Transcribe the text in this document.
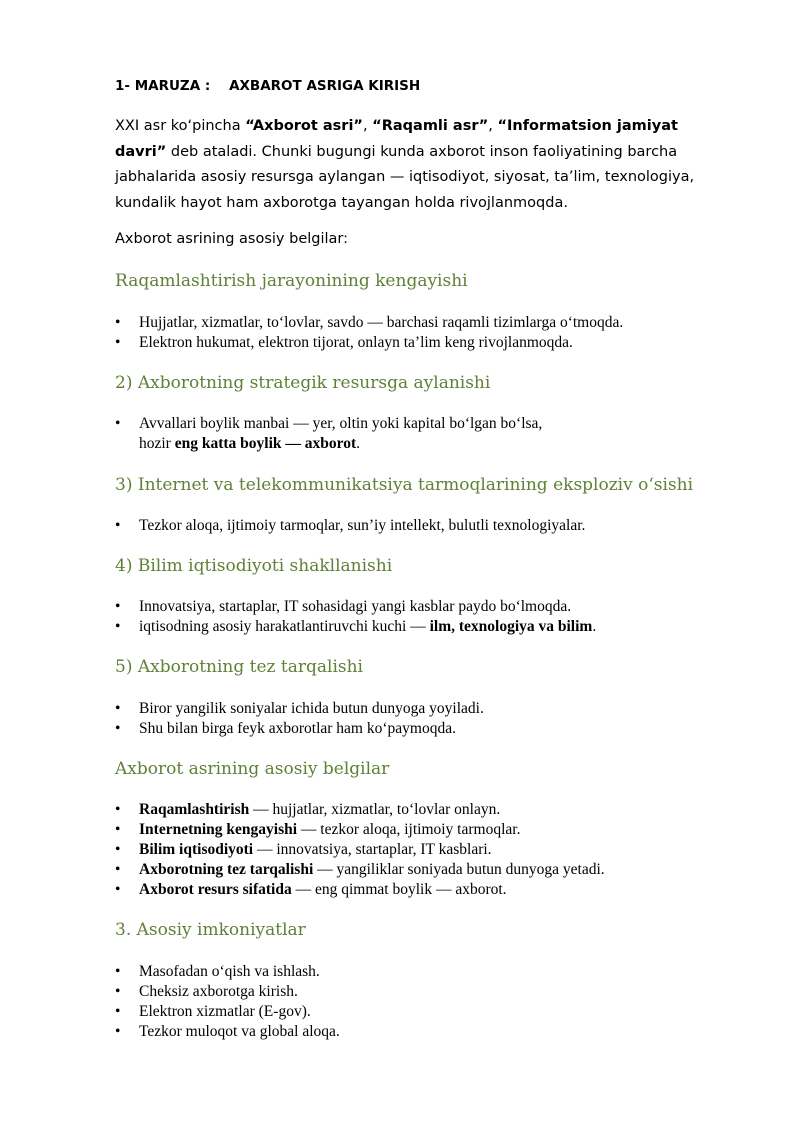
1- MARUZA :    AXBAROT ASRIGA KIRISH
XXI asr ko‘pincha “Axborot asri”, “Raqamli asr”, “Informatsion jamiyat davri” deb ataladi. Chunki bugungi kunda axborot inson faoliyatining barcha jabhalarida asosiy resursga aylangan — iqtisodiyot, siyosat, ta’lim, texnologiya, kundalik hayot ham axborotga tayangan holda rivojlanmoqda.
Axborot asrining asosiy belgilar:
Raqamlashtirish jarayonining kengayishi
• Hujjatlar, xizmatlar, to‘lovlar, savdo — barchasi raqamli tizimlarga o‘tmoqda.
• Elektron hukumat, elektron tijorat, onlayn ta’lim keng rivojlanmoqda.
2) Axborotning strategik resursga aylanishi
• Avvallari boylik manbai — yer, oltin yoki kapital bo‘lgan bo‘lsa,
hozir eng katta boylik — axborot.
3) Internet va telekommunikatsiya tarmoqlarining eksploziv o‘sishi
• Tezkor aloqa, ijtimoiy tarmoqlar, sun’iy intellekt, bulutli texnologiyalar.
4) Bilim iqtisodiyoti shakllanishi
• Innovatsiya, startaplar, IT sohasidagi yangi kasblar paydo bo‘lmoqda.
• iqtisodning asosiy harakatlantiruvchi kuchi — ilm, texnologiya va bilim.
5) Axborotning tez tarqalishi
• Biror yangilik soniyalar ichida butun dunyoga yoyiladi.
• Shu bilan birga feyk axborotlar ham ko‘paymoqda.
Axborot asrining asosiy belgilar
• Raqamlashtirish — hujjatlar, xizmatlar, to‘lovlar onlayn.
• Internetning kengayishi — tezkor aloqa, ijtimoiy tarmoqlar.
• Bilim iqtisodiyoti — innovatsiya, startaplar, IT kasblari.
• Axborotning tez tarqalishi — yangiliklar soniyada butun dunyoga yetadi.
• Axborot resurs sifatida — eng qimmat boylik — axborot.
3. Asosiy imkoniyatlar
• Masofadan o‘qish va ishlash.
• Cheksiz axborotga kirish.
• Elektron xizmatlar (E-gov).
• Tezkor muloqot va global aloqa.
